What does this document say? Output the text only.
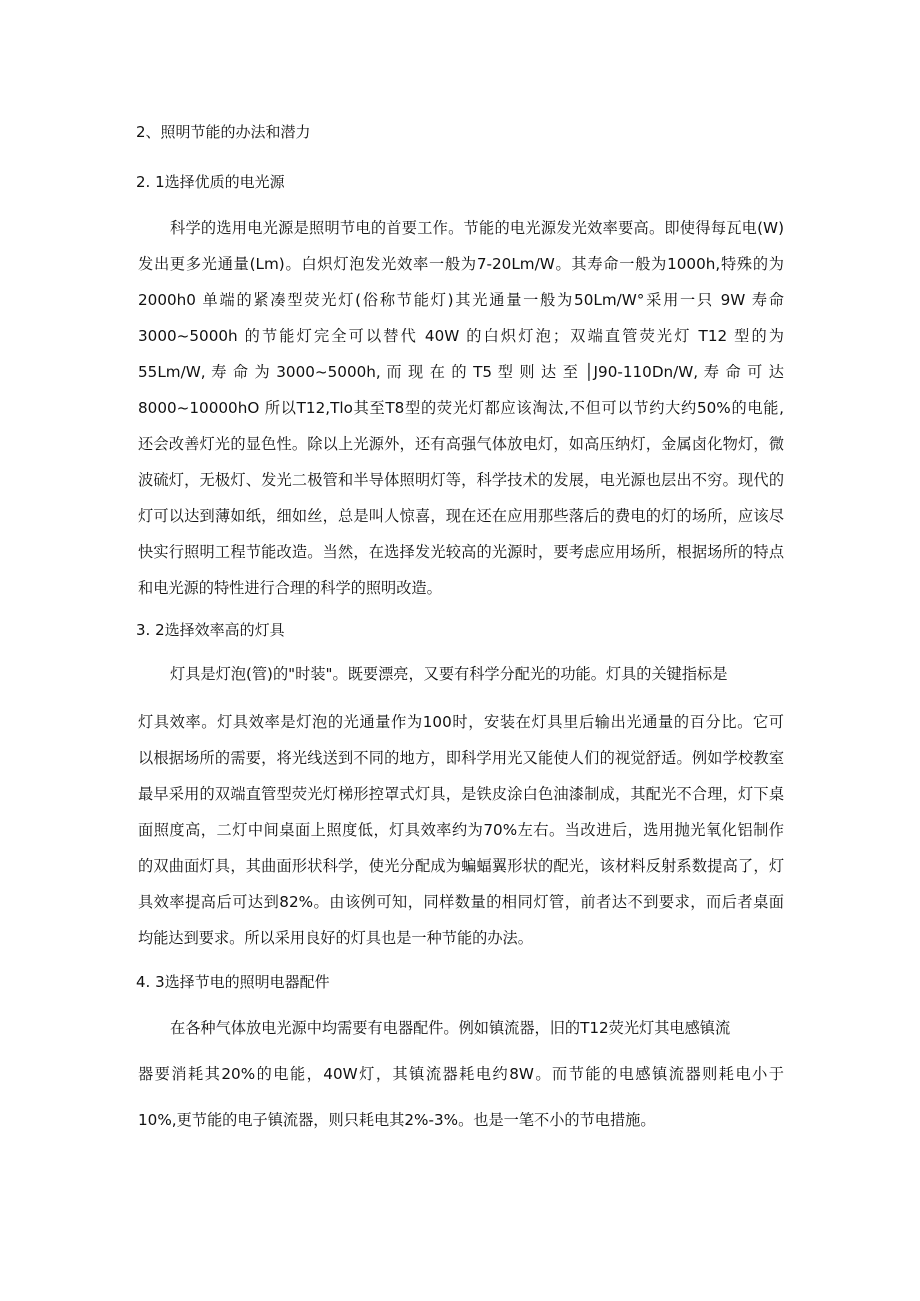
2、照明节能的办法和潜力
2. 1选择优质的电光源

科学的选用电光源是照明节电的首要工作。节能的电光源发光效率要高。即使得每瓦电(W)

发出更多光通量(Lm)。白炽灯泡发光效率一般为7-20Lm/W。其寿命一般为1000h,特殊的为

2000h0 单端的紧凑型荧光灯(俗称节能灯)其光通量一般为50Lm∕W°采用一只 9W 寿命

3000~5000h 的节能灯完全可以替代 40W 的白炽灯泡；双端直管荧光灯 T12 型的为

55Lm/W, 寿 命 为 3000~5000h, 而 现 在 的 T5 型 则 达 至 │J90-110Dn/W, 寿 命 可 达

8000~10000hO 所以T12,Tlo其至T8型的荧光灯都应该淘汰,不但可以节约大约50%的电能,

还会改善灯光的显色性。除以上光源外，还有高强气体放电灯，如高压纳灯，金属卤化物灯，微

波硫灯，无极灯、发光二极管和半导体照明灯等，科学技术的发展，电光源也层出不穷。现代的

灯可以达到薄如纸，细如丝，总是叫人惊喜，现在还在应用那些落后的费电的灯的场所，应该尽

快实行照明工程节能改造。当然，在选择发光较高的光源时，要考虑应用场所，根据场所的特点

和电光源的特性进行合理的科学的照明改造。

3. 2选择效率高的灯具

灯具是灯泡(管)的"时装"。既要漂亮，又要有科学分配光的功能。灯具的关键指标是

灯具效率。灯具效率是灯泡的光通量作为100时，安装在灯具里后输出光通量的百分比。它可

以根据场所的需要，将光线送到不同的地方，即科学用光又能使人们的视觉舒适。例如学校教室

最早采用的双端直管型荧光灯梯形控罩式灯具，是铁皮涂白色油漆制成，其配光不合理，灯下桌

面照度高，二灯中间桌面上照度低，灯具效率约为70%左右。当改进后，选用抛光氧化铝制作

的双曲面灯具，其曲面形状科学，使光分配成为蝙蝠翼形状的配光，该材料反射系数提高了，灯

具效率提高后可达到82%。由该例可知，同样数量的相同灯管，前者达不到要求，而后者桌面

均能达到要求。所以采用良好的灯具也是一种节能的办法。

4. 3选择节电的照明电器配件

在各种气体放电光源中均需要有电器配件。例如镇流器，旧的T12荧光灯其电感镇流

器要消耗其20%的电能，40W灯，其镇流器耗电约8W。而节能的电感镇流器则耗电小于

10%,更节能的电子镇流器，则只耗电其2%-3%。也是一笔不小的节电措施。
